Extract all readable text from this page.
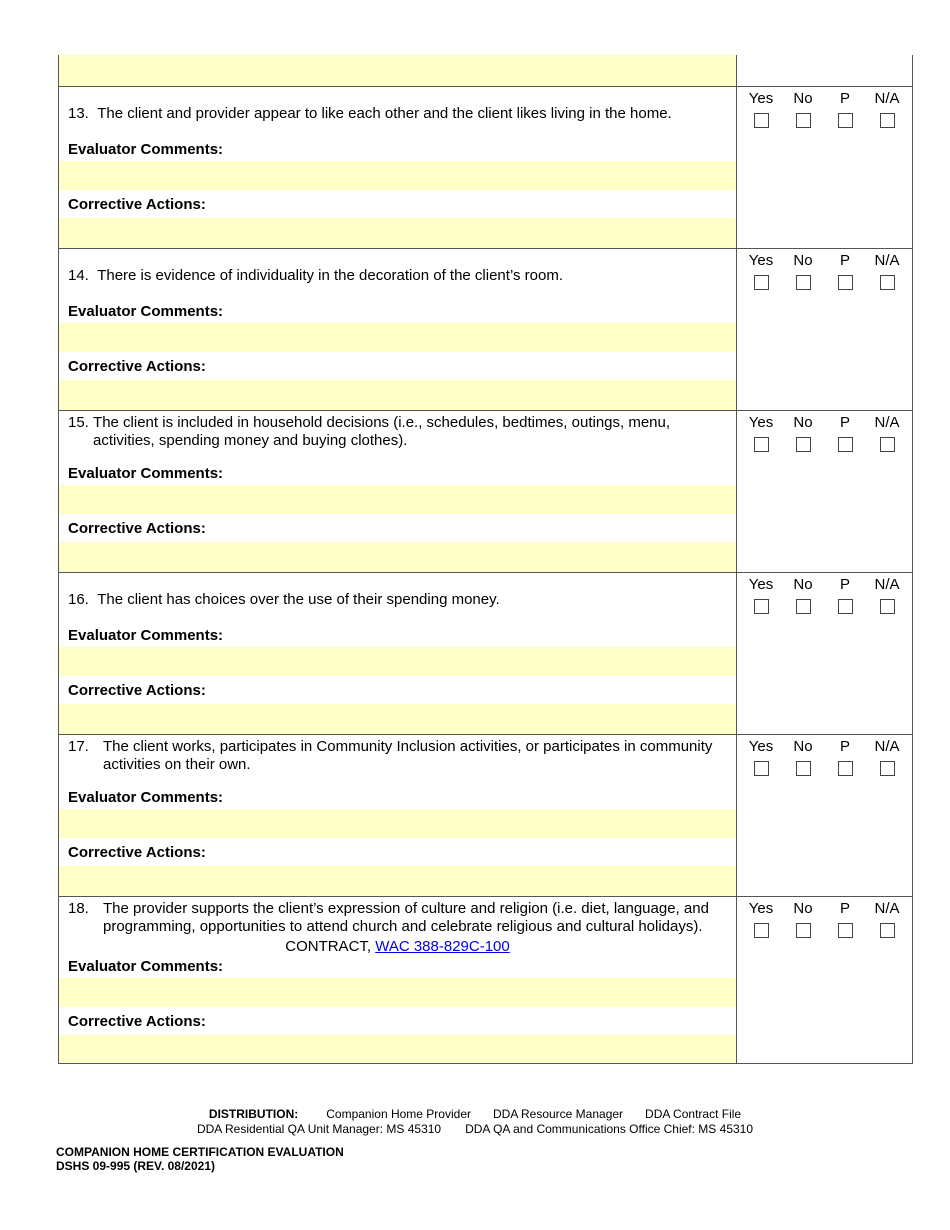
13.
The client and provider appear to like each other and the client likes living in the home.
Evaluator Comments:
Corrective Actions:
Yes No P N/A
14.
There is evidence of individuality in the decoration of the client’s room.
Evaluator Comments:
Corrective Actions:
Yes No P N/A
15.
The client is included in household decisions (i.e., schedules, bedtimes, outings, menu, activities, spending money and buying clothes).
Evaluator Comments:
Corrective Actions:
Yes No P N/A
16.
The client has choices over the use of their spending money.
Evaluator Comments:
Corrective Actions:
Yes No P N/A
17. The client works, participates in Community Inclusion activities, or participates in community activities on their own.
Evaluator Comments:
Corrective Actions:
Yes No P N/A
18. The provider supports the client’s expression of culture and religion (i.e. diet, language, and programming, opportunities to attend church and celebrate religious and cultural holidays).
CONTRACT, WAC 388-829C-100
Evaluator Comments:
Corrective Actions:
Yes No P N/A
DISTRIBUTION: Companion Home Provider DDA Resource Manager DDA Contract File
DDA Residential QA Unit Manager: MS 45310 DDA QA and Communications Office Chief: MS 45310
COMPANION HOME CERTIFICATION EVALUATION
DSHS 09-995 (REV. 08/2021)
